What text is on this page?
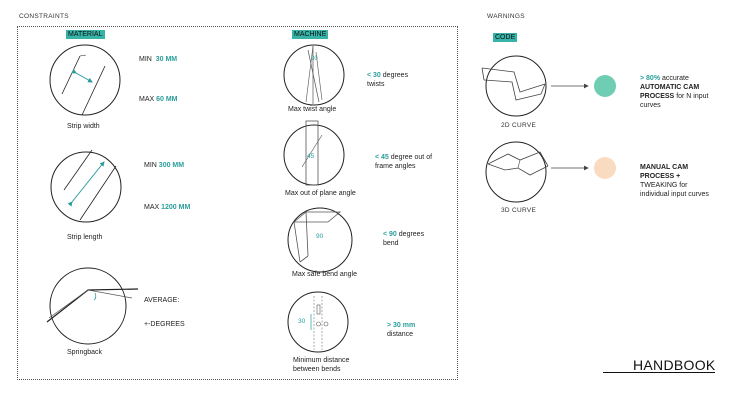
CONSTRAINTS	WARNINGS
MATERIAL	MACHINE	CODE
30
45
90
30
Strip width
MIN 30 MM
MAX 60 MM
Strip length
MIN 300 MM
MAX 1200 MM
Springback
AVERAGE:
+-DEGREES
Max twist angle
< 30 degrees
twists
Max out of plane angle
< 45 degree out of
frame angles
Max safe bend angle
< 90 degrees
bend
Minimum distance
between bends
> 30 mm
distance
2D CURVE
3D CURVE
> 80% accurate
AUTOMATIC CAM
PROCESS for N input
curves
MANUAL CAM
PROCESS +
TWEAKING for
individual input curves
HANDBOOK
